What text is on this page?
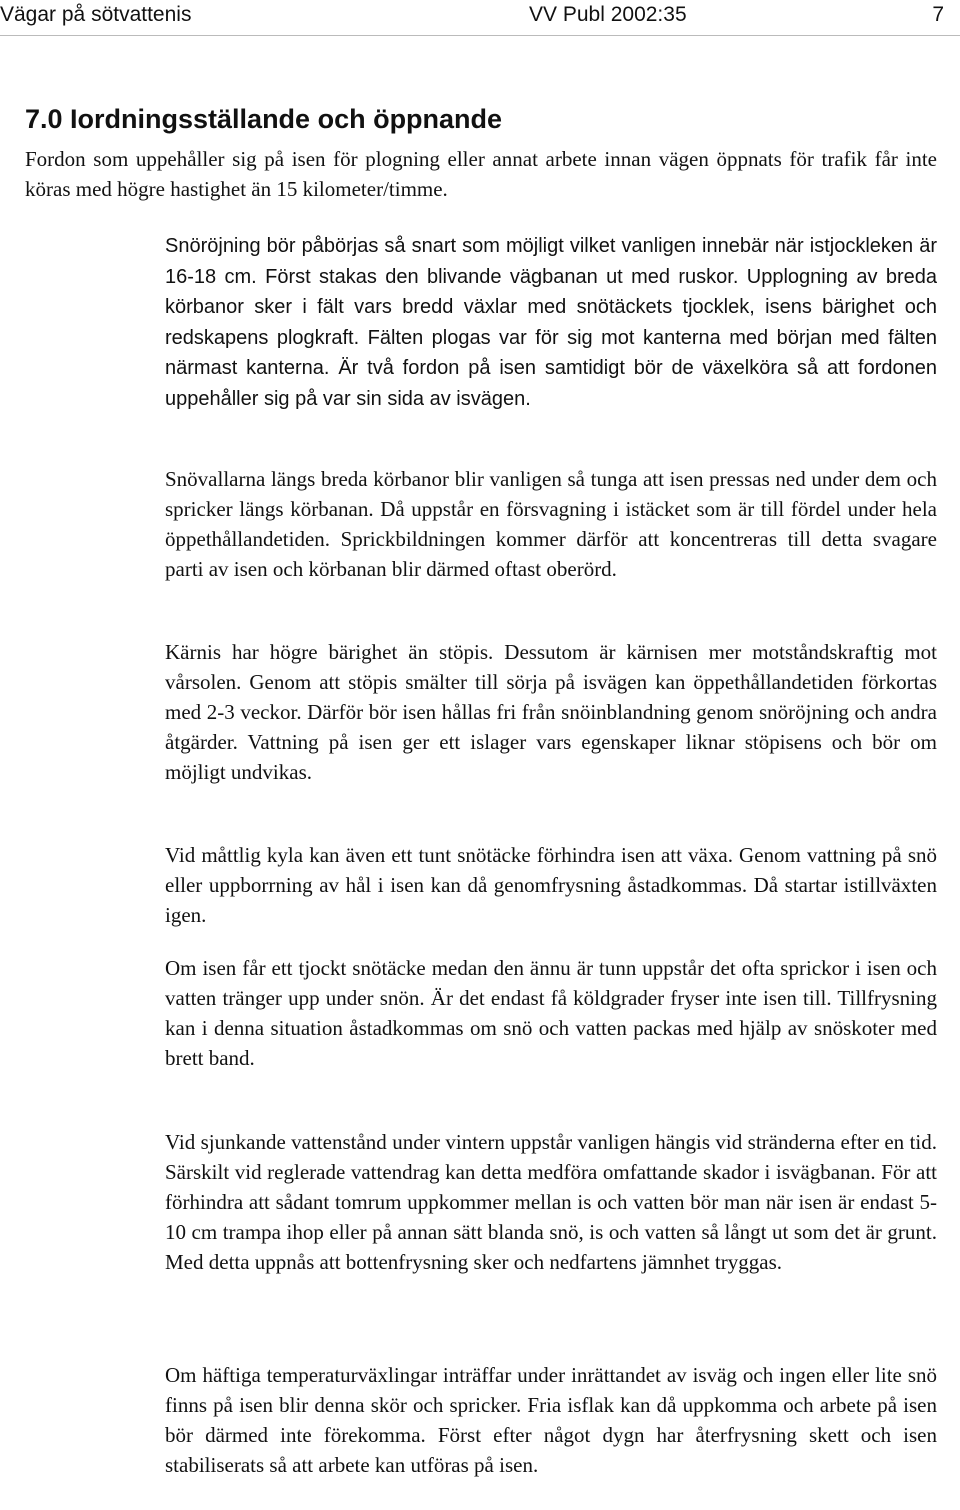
Vägar på sötvattenis	VV Publ 2002:35	7
7.0 Iordningsställande och öppnande

Fordon som uppehåller sig på isen för plogning eller annat arbete innan vägen öppnats för trafik får inte köras med högre hastighet än 15 kilometer/timme.

Snöröjning bör påbörjas så snart som möjligt vilket vanligen innebär när istjockleken är 16-18 cm. Först stakas den blivande vägbanan ut med ruskor. Upplogning av breda körbanor sker i fält vars bredd växlar med snötäckets tjocklek, isens bärighet och redskapens plogkraft. Fälten plogas var för sig mot kanterna med början med fälten närmast kanterna. Är två fordon på isen samtidigt bör de växelköra så att fordonen uppehåller sig på var sin sida av isvägen.

Snövallarna längs breda körbanor blir vanligen så tunga att isen pressas ned under dem och spricker längs körbanan. Då uppstår en försvagning i istäcket som är till fördel under hela öppethållandetiden. Sprickbildningen kommer därför att koncentreras till detta svagare parti av isen och körbanan blir därmed oftast oberörd.

Kärnis har högre bärighet än stöpis. Dessutom är kärnisen mer motståndskraftig mot vårsolen. Genom att stöpis smälter till sörja på isvägen kan öppethållandetiden förkortas med 2-3 veckor. Därför bör isen hållas fri från snöinblandning genom snöröjning och andra åtgärder. Vattning på isen ger ett islager vars egenskaper liknar stöpisens och bör om möjligt undvikas.

Vid måttlig kyla kan även ett tunt snötäcke förhindra isen att växa. Genom vattning på snö eller uppborrning av hål i isen kan då genomfrysning åstadkommas. Då startar istillväxten igen.

Om isen får ett tjockt snötäcke medan den ännu är tunn uppstår det ofta sprickor i isen och vatten tränger upp under snön. Är det endast få köldgrader fryser inte isen till. Tillfrysning kan i denna situation åstadkommas om snö och vatten packas med hjälp av snöskoter med brett band.

Vid sjunkande vattenstånd under vintern uppstår vanligen hängis vid stränderna efter en tid. Särskilt vid reglerade vattendrag kan detta medföra omfattande skador i isvägbanan. För att förhindra att sådant tomrum uppkommer mellan is och vatten bör man när isen är endast 5-10 cm trampa ihop eller på annan sätt blanda snö, is och vatten så långt ut som det är grunt. Med detta uppnås att bottenfrysning sker och nedfartens jämnhet tryggas.

Om häftiga temperaturväxlingar inträffar under inrättandet av isväg och ingen eller lite snö finns på isen blir denna skör och spricker. Fria isflak kan då uppkomma och arbete på isen bör därmed inte förekomma. Först efter något dygn har återfrysning skett och isen stabiliserats så att arbete kan utföras på isen.
